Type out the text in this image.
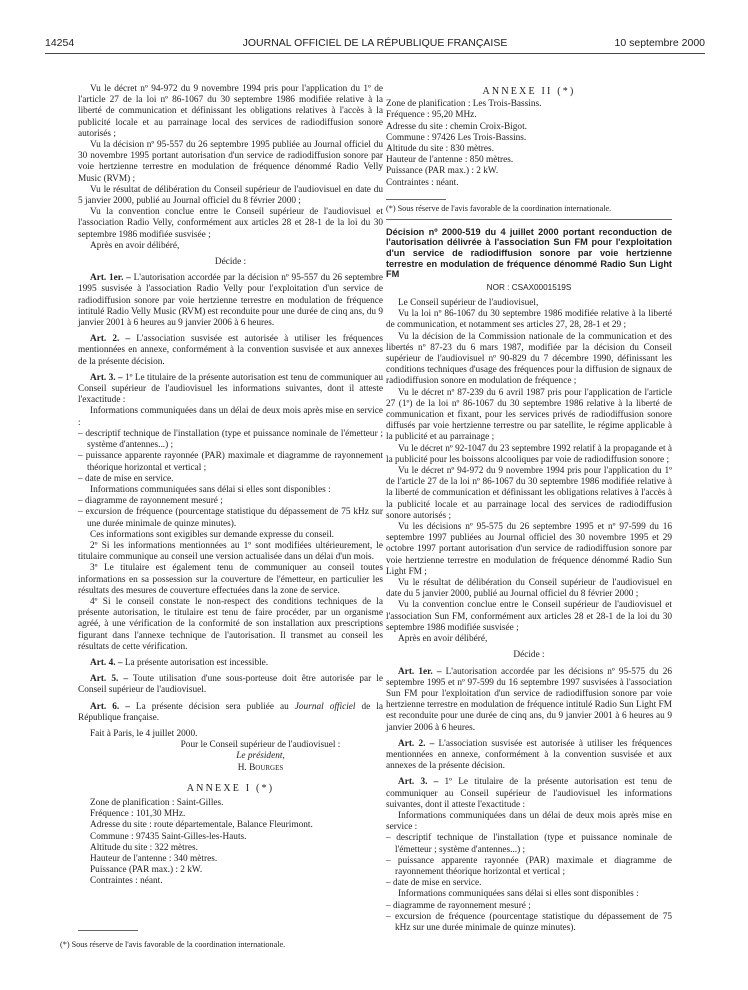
14254	JOURNAL OFFICIEL DE LA RÉPUBLIQUE FRANÇAISE	10 septembre 2000

Vu le décret nº 94-972 du 9 novembre 1994 pris pour l'application du 1º de l'article 27 de la loi nº 86-1067 du 30 septembre 1986 modifiée relative à la liberté de communication et définissant les obligations relatives à l'accès à la publicité locale et au parrainage local des services de radiodiffusion sonore autorisés ;

Vu la décision nº 95-557 du 26 septembre 1995 publiée au Journal officiel du 30 novembre 1995 portant autorisation d'un service de radiodiffusion sonore par voie hertzienne terrestre en modulation de fréquence dénommé Radio Velly Music (RVM) ;

Vu le résultat de délibération du Conseil supérieur de l'audiovisuel en date du 5 janvier 2000, publié au Journal officiel du 8 février 2000 ;

Vu la convention conclue entre le Conseil supérieur de l'audiovisuel et l'association Radio Velly, conformément aux articles 28 et 28-1 de la loi du 30 septembre 1986 modifiée susvisée ;

Après en avoir délibéré,

Décide :

Art. 1er. – L'autorisation accordée par la décision nº 95-557 du 26 septembre 1995 susvisée à l'association Radio Velly pour l'exploitation d'un service de radiodiffusion sonore par voie hertzienne terrestre en modulation de fréquence intitulé Radio Velly Music (RVM) est reconduite pour une durée de cinq ans, du 9 janvier 2001 à 6 heures au 9 janvier 2006 à 6 heures.

Art. 2. – L'association susvisée est autorisée à utiliser les fréquences mentionnées en annexe, conformément à la convention susvisée et aux annexes de la présente décision.

Art. 3. – 1º Le titulaire de la présente autorisation est tenu de communiquer au Conseil supérieur de l'audiovisuel les informations suivantes, dont il atteste l'exactitude :

Informations communiquées dans un délai de deux mois après mise en service :

– descriptif technique de l'installation (type et puissance nominale de l'émetteur ; système d'antennes...) ;

– puissance apparente rayonnée (PAR) maximale et diagramme de rayonnement théorique horizontal et vertical ;

– date de mise en service.

Informations communiquées sans délai si elles sont disponibles :

– diagramme de rayonnement mesuré ;

– excursion de fréquence (pourcentage statistique du dépassement de 75 kHz sur une durée minimale de quinze minutes).

Ces informations sont exigibles sur demande expresse du conseil.

2º Si les informations mentionnées au 1º sont modifiées ultérieurement, le titulaire communique au conseil une version actualisée dans un délai d'un mois.

3º Le titulaire est également tenu de communiquer au conseil toutes informations en sa possession sur la couverture de l'émetteur, en particulier les résultats des mesures de couverture effectuées dans la zone de service.

4º Si le conseil constate le non-respect des conditions techniques de la présente autorisation, le titulaire est tenu de faire procéder, par un organisme agréé, à une vérification de la conformité de son installation aux prescriptions figurant dans l'annexe technique de l'autorisation. Il transmet au conseil les résultats de cette vérification.

Art. 4. – La présente autorisation est incessible.

Art. 5. – Toute utilisation d'une sous-porteuse doit être autorisée par le Conseil supérieur de l'audiovisuel.

Art. 6. – La présente décision sera publiée au Journal officiel de la République française.

Fait à Paris, le 4 juillet 2000.

Pour le Conseil supérieur de l'audiovisuel :

Le président,

H. Bourges

ANNEXE I (*)

Zone de planification : Saint-Gilles.

Fréquence : 101,30 MHz.

Adresse du site : route départementale, Balance Fleurimont.

Commune : 97435 Saint-Gilles-les-Hauts.

Altitude du site : 322 mètres.

Hauteur de l'antenne : 340 mètres.

Puissance (PAR max.) : 2 kW.

Contraintes : néant.

(*) Sous réserve de l'avis favorable de la coordination internationale.

ANNEXE II (*)

Zone de planification : Les Trois-Bassins.

Fréquence : 95,20 MHz.

Adresse du site : chemin Croix-Bigot.

Commune : 97426 Les Trois-Bassins.

Altitude du site : 830 mètres.

Hauteur de l'antenne : 850 mètres.

Puissance (PAR max.) : 2 kW.

Contraintes : néant.

(*) Sous réserve de l'avis favorable de la coordination internationale.

Décision nº 2000-519 du 4 juillet 2000 portant reconduction de l'autorisation délivrée à l'association Sun FM pour l'exploitation d'un service de radiodiffusion sonore par voie hertzienne terrestre en modulation de fréquence dénommé Radio Sun Light FM

NOR : CSAX0001519S

Le Conseil supérieur de l'audiovisuel,

Vu la loi nº 86-1067 du 30 septembre 1986 modifiée relative à la liberté de communication, et notamment ses articles 27, 28, 28-1 et 29 ;

Vu la décision de la Commission nationale de la communication et des libertés nº 87-23 du 6 mars 1987, modifiée par la décision du Conseil supérieur de l'audiovisuel nº 90-829 du 7 décembre 1990, définissant les conditions techniques d'usage des fréquences pour la diffusion de signaux de radiodiffusion sonore en modulation de fréquence ;

Vu le décret nº 87-239 du 6 avril 1987 pris pour l'application de l'article 27 (1º) de la loi nº 86-1067 du 30 septembre 1986 relative à la liberté de communication et fixant, pour les services privés de radiodiffusion sonore diffusés par voie hertzienne terrestre ou par satellite, le régime applicable à la publicité et au parrainage ;

Vu le décret nº 92-1047 du 23 septembre 1992 relatif à la propagande et à la publicité pour les boissons alcooliques par voie de radiodiffusion sonore ;

Vu le décret nº 94-972 du 9 novembre 1994 pris pour l'application du 1º de l'article 27 de la loi nº 86-1067 du 30 septembre 1986 modifiée relative à la liberté de communication et définissant les obligations relatives à l'accès à la publicité locale et au parrainage local des services de radiodiffusion sonore autorisés ;

Vu les décisions nº 95-575 du 26 septembre 1995 et nº 97-599 du 16 septembre 1997 publiées au Journal officiel des 30 novembre 1995 et 29 octobre 1997 portant autorisation d'un service de radiodiffusion sonore par voie hertzienne terrestre en modulation de fréquence dénommé Radio Sun Light FM ;

Vu le résultat de délibération du Conseil supérieur de l'audiovisuel en date du 5 janvier 2000, publié au Journal officiel du 8 février 2000 ;

Vu la convention conclue entre le Conseil supérieur de l'audiovisuel et l'association Sun FM, conformément aux articles 28 et 28-1 de la loi du 30 septembre 1986 modifiée susvisée ;

Après en avoir délibéré,

Décide :

Art. 1er. – L'autorisation accordée par les décisions nº 95-575 du 26 septembre 1995 et nº 97-599 du 16 septembre 1997 susvisées à l'association Sun FM pour l'exploitation d'un service de radiodiffusion sonore par voie hertzienne terrestre en modulation de fréquence intitulé Radio Sun Light FM est reconduite pour une durée de cinq ans, du 9 janvier 2001 à 6 heures au 9 janvier 2006 à 6 heures.

Art. 2. – L'association susvisée est autorisée à utiliser les fréquences mentionnées en annexe, conformément à la convention susvisée et aux annexes de la présente décision.

Art. 3. – 1º Le titulaire de la présente autorisation est tenu de communiquer au Conseil supérieur de l'audiovisuel les informations suivantes, dont il atteste l'exactitude :

Informations communiquées dans un délai de deux mois après mise en service :

– descriptif technique de l'installation (type et puissance nominale de l'émetteur ; système d'antennes...) ;

– puissance apparente rayonnée (PAR) maximale et diagramme de rayonnement théorique horizontal et vertical ;

– date de mise en service.

Informations communiquées sans délai si elles sont disponibles :

– diagramme de rayonnement mesuré ;

– excursion de fréquence (pourcentage statistique du dépassement de 75 kHz sur une durée minimale de quinze minutes).
